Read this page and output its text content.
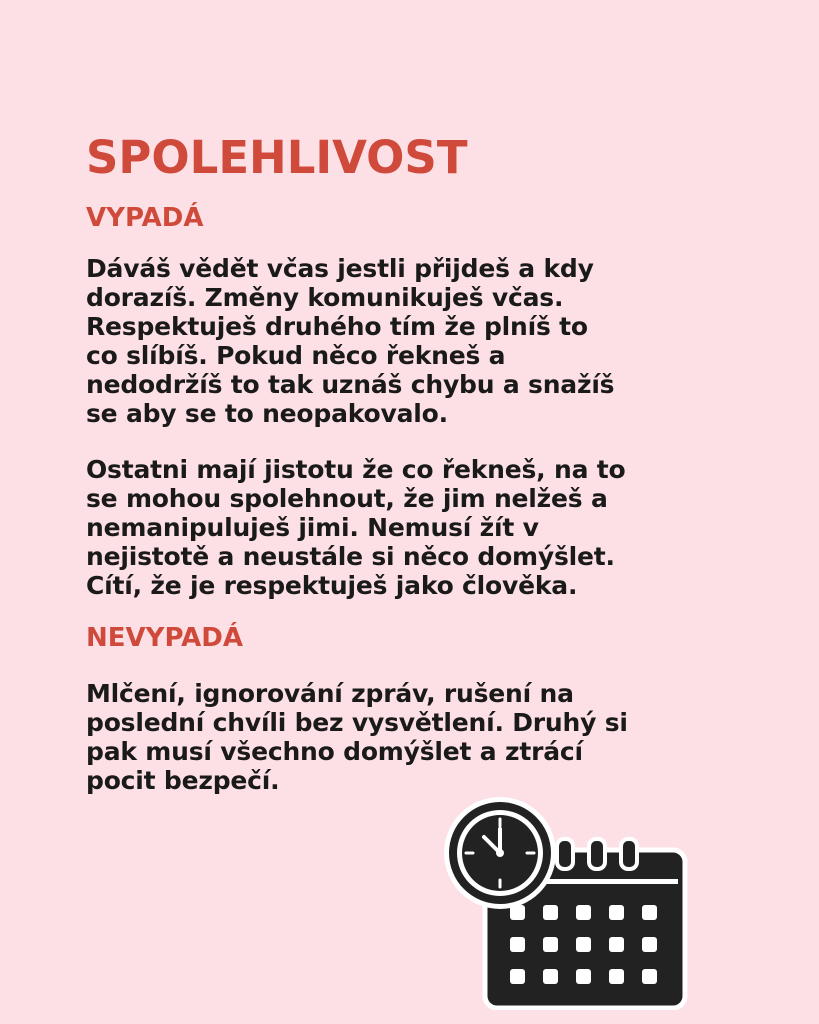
SPOLEHLIVOST
VYPADÁ

Dáváš vědět včas jestli přijdeš a kdy
dorazíš. Změny komunikuješ včas.
Respektuješ druhého tím že plníš to
co slíbíš. Pokud něco řekneš a
nedodržíš to tak uznáš chybu a snažíš
se aby se to neopakovalo.

Ostatni mají jistotu že co řekneš, na to
se mohou spolehnout, že jim nelžeš a
nemanipuluješ jimi. Nemusí žít v
nejistotě a neustále si něco domýšlet.
Cítí, že je respektuješ jako člověka.

NEVYPADÁ

Mlčení, ignorování zpráv, rušení na
poslední chvíli bez vysvětlení. Druhý si
pak musí všechno domýšlet a ztrácí
pocit bezpečí.
